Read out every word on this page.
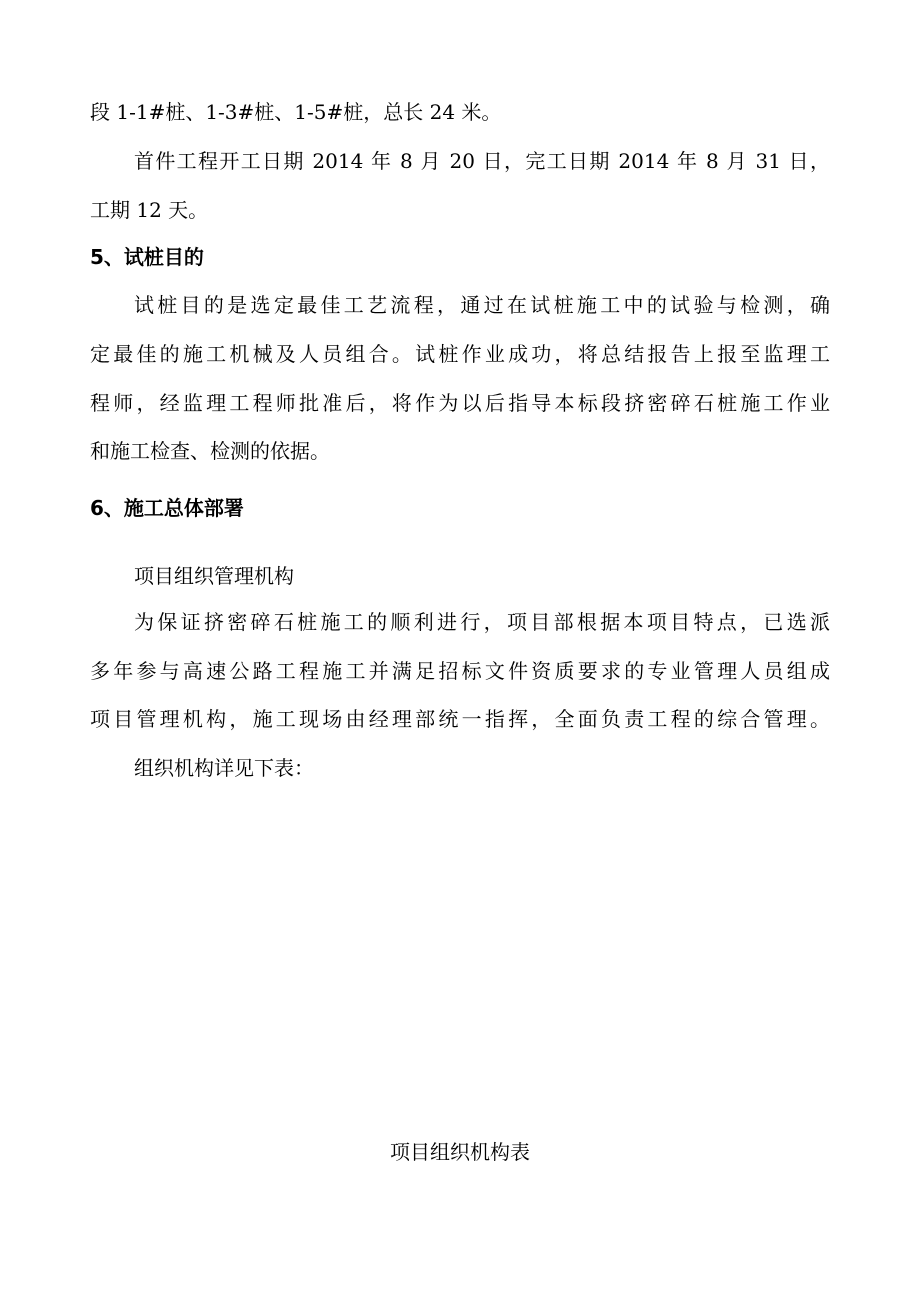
段 1-1#桩、1-3#桩、1-5#桩，总长 24 米。
首件工程开工日期 2014 年 8 月 20 日，完工日期 2014 年 8 月 31 日，
工期 12 天。
5、试桩目的
试桩目的是选定最佳工艺流程，通过在试桩施工中的试验与检测，确
定最佳的施工机械及人员组合。试桩作业成功，将总结报告上报至监理工
程师，经监理工程师批准后，将作为以后指导本标段挤密碎石桩施工作业
和施工检查、检测的依据。
6、施工总体部署
项目组织管理机构
为保证挤密碎石桩施工的顺利进行，项目部根据本项目特点，已选派
多年参与高速公路工程施工并满足招标文件资质要求的专业管理人员组成
项目管理机构，施工现场由经理部统一指挥，全面负责工程的综合管理。
组织机构详见下表：
项目组织机构表
